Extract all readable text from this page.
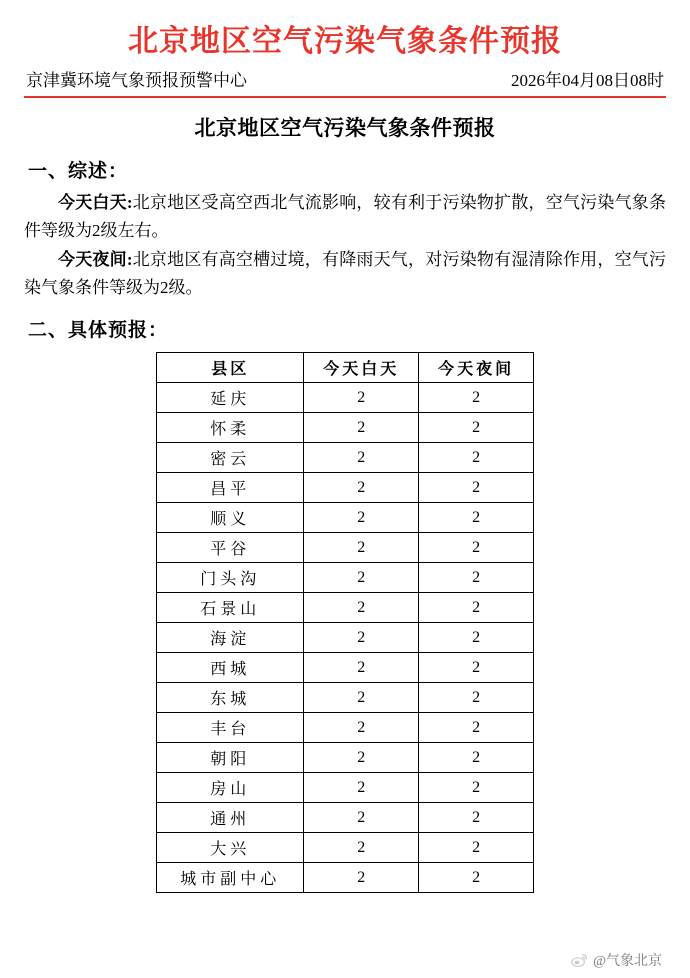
北京地区空气污染气象条件预报
京津冀环境气象预报预警中心	2026年04月08日08时
北京地区空气污染气象条件预报
一、综述：

今天白天:北京地区受高空西北气流影响，较有利于污染物扩散，空气污染气象条件等级为2级左右。

今天夜间:北京地区有高空槽过境，有降雨天气，对污染物有湿清除作用，空气污染气象条件等级为2级。

二、具体预报：
县区	今天白天	今天夜间
延庆	2	2
怀柔	2	2
密云	2	2
昌平	2	2
顺义	2	2
平谷	2	2
门头沟	2	2
石景山	2	2
海淀	2	2
西城	2	2
东城	2	2
丰台	2	2
朝阳	2	2
房山	2	2
通州	2	2
大兴	2	2
城市副中心	2	2
@气象北京
